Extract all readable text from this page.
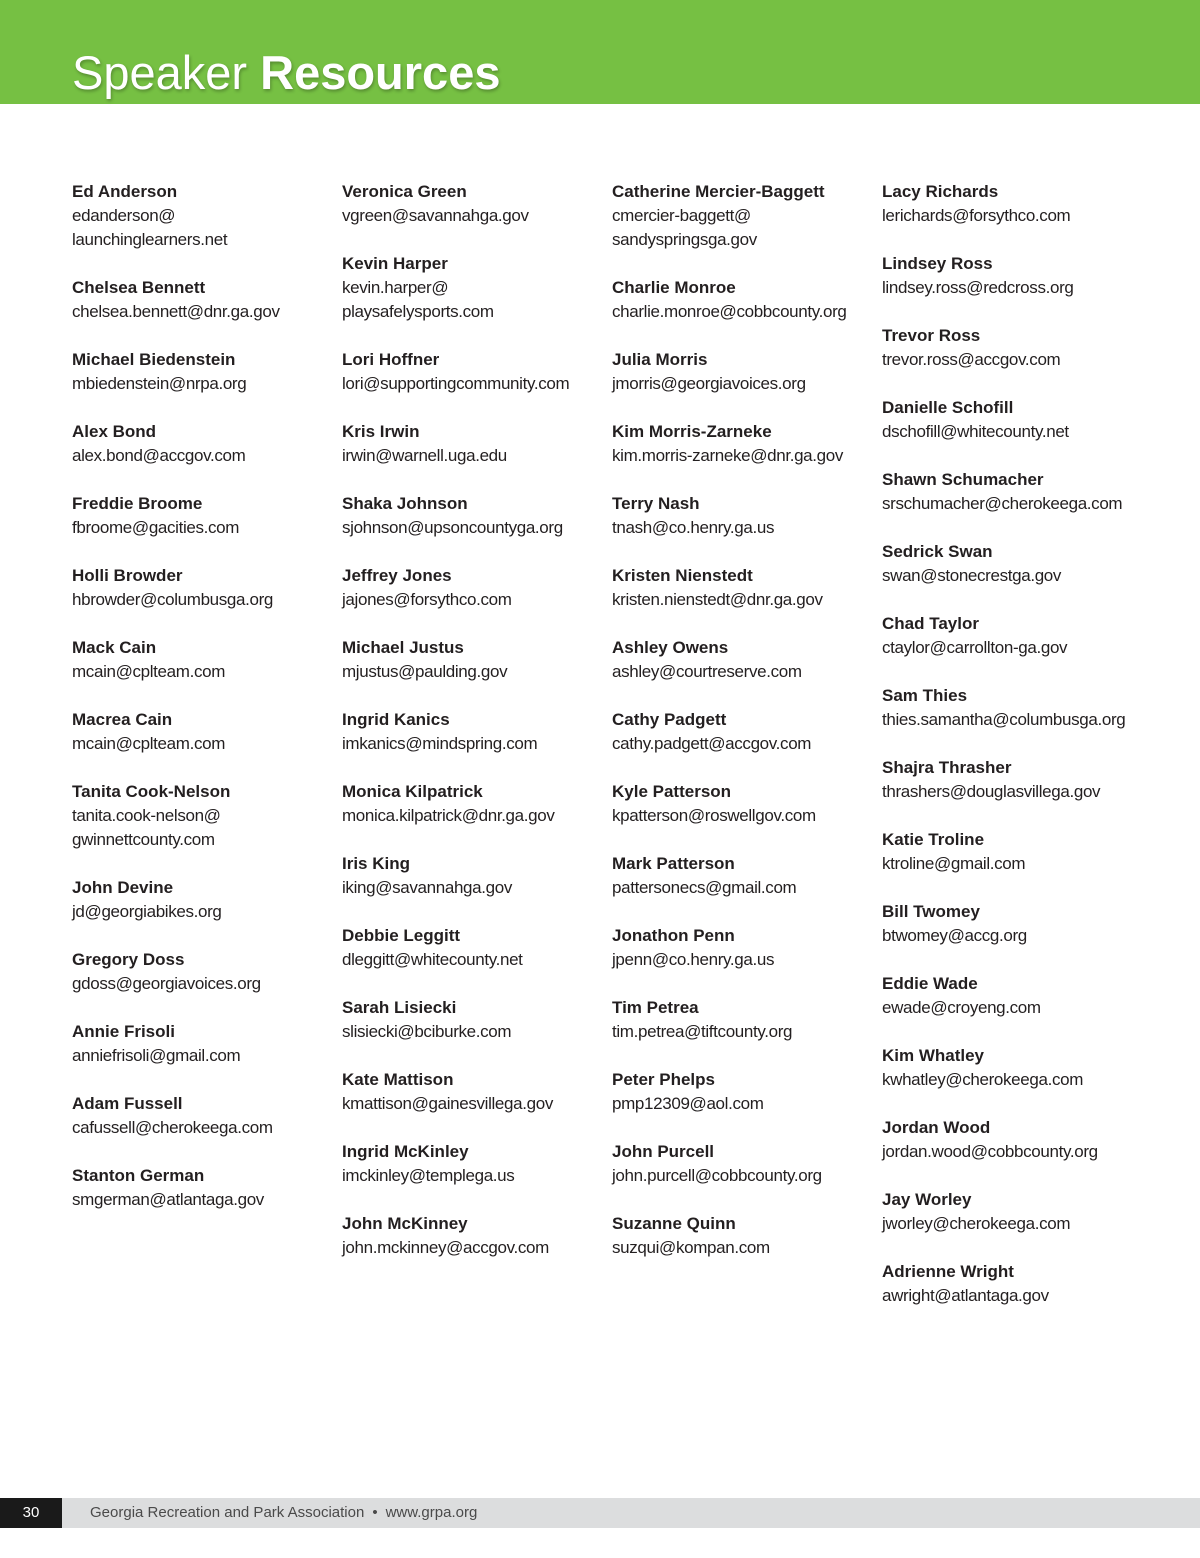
Speaker Resources
Ed Anderson
edanderson@
launchinglearners.net
Chelsea Bennett
chelsea.bennett@dnr.ga.gov
Michael Biedenstein
mbiedenstein@nrpa.org
Alex Bond
alex.bond@accgov.com
Freddie Broome
fbroome@gacities.com
Holli Browder
hbrowder@columbusga.org
Mack Cain
mcain@cplteam.com
Macrea Cain
mcain@cplteam.com
Tanita Cook-Nelson
tanita.cook-nelson@
gwinnettcounty.com
John Devine
jd@georgiabikes.org
Gregory Doss
gdoss@georgiavoices.org
Annie Frisoli
anniefrisoli@gmail.com
Adam Fussell
cafussell@cherokeega.com
Stanton German
smgerman@atlantaga.gov
Veronica Green
vgreen@savannahga.gov
Kevin Harper
kevin.harper@
playsafelysports.com
Lori Hoffner
lori@supportingcommunity.com
Kris Irwin
irwin@warnell.uga.edu
Shaka Johnson
sjohnson@upsoncountyga.org
Jeffrey Jones
jajones@forsythco.com
Michael Justus
mjustus@paulding.gov
Ingrid Kanics
imkanics@mindspring.com
Monica Kilpatrick
monica.kilpatrick@dnr.ga.gov
Iris King
iking@savannahga.gov
Debbie Leggitt
dleggitt@whitecounty.net
Sarah Lisiecki
slisiecki@bciburke.com
Kate Mattison
kmattison@gainesvillega.gov
Ingrid McKinley
imckinley@templega.us
John McKinney
john.mckinney@accgov.com
Catherine Mercier-Baggett
cmercier-baggett@
sandyspringsga.gov
Charlie Monroe
charlie.monroe@cobbcounty.org
Julia Morris
jmorris@georgiavoices.org
Kim Morris-Zarneke
kim.morris-zarneke@dnr.ga.gov
Terry Nash
tnash@co.henry.ga.us
Kristen Nienstedt
kristen.nienstedt@dnr.ga.gov
Ashley Owens
ashley@courtreserve.com
Cathy Padgett
cathy.padgett@accgov.com
Kyle Patterson
kpatterson@roswellgov.com
Mark Patterson
pattersonecs@gmail.com
Jonathon Penn
jpenn@co.henry.ga.us
Tim Petrea
tim.petrea@tiftcounty.org
Peter Phelps
pmp12309@aol.com
John Purcell
john.purcell@cobbcounty.org
Suzanne Quinn
suzqui@kompan.com
Lacy Richards
lerichards@forsythco.com
Lindsey Ross
lindsey.ross@redcross.org
Trevor Ross
trevor.ross@accgov.com
Danielle Schofill
dschofill@whitecounty.net
Shawn Schumacher
srschumacher@cherokeega.com
Sedrick Swan
swan@stonecrestga.gov
Chad Taylor
ctaylor@carrollton-ga.gov
Sam Thies
thies.samantha@columbusga.org
Shajra Thrasher
thrashers@douglasvillega.gov
Katie Troline
ktroline@gmail.com
Bill Twomey
btwomey@accg.org
Eddie Wade
ewade@croyeng.com
Kim Whatley
kwhatley@cherokeega.com
Jordan Wood
jordan.wood@cobbcounty.org
Jay Worley
jworley@cherokeega.com
Adrienne Wright
awright@atlantaga.gov
30	Georgia Recreation and Park Association • www.grpa.org
